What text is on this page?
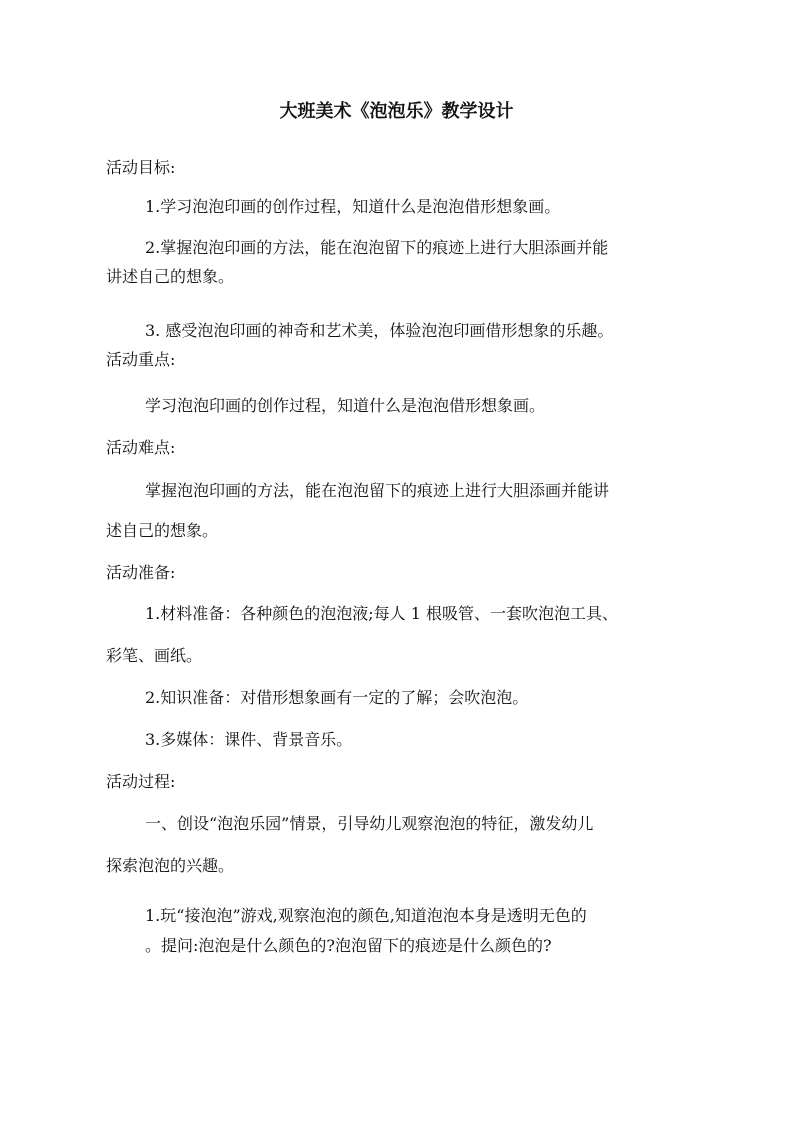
大班美术《泡泡乐》教学设计
活动目标:
1.学习泡泡印画的创作过程，知道什么是泡泡借形想象画。
2.掌握泡泡印画的方法，能在泡泡留下的痕迹上进行大胆添画并能
讲述自己的想象。
3. 感受泡泡印画的神奇和艺术美，体验泡泡印画借形想象的乐趣。
活动重点:
学习泡泡印画的创作过程，知道什么是泡泡借形想象画。
活动难点:
掌握泡泡印画的方法，能在泡泡留下的痕迹上进行大胆添画并能讲
述自己的想象。
活动准备:
1.材料准备：各种颜色的泡泡液;每人 1 根吸管、一套吹泡泡工具、
彩笔、画纸。
2.知识准备：对借形想象画有一定的了解；会吹泡泡。
3.多媒体：课件、背景音乐。
活动过程:
一、创设“泡泡乐园”情景，引导幼儿观察泡泡的特征，激发幼儿
探索泡泡的兴趣。
1.玩“接泡泡”游戏,观察泡泡的颜色,知道泡泡本身是透明无色的
。提问:泡泡是什么颜色的?泡泡留下的痕迹是什么颜色的?
